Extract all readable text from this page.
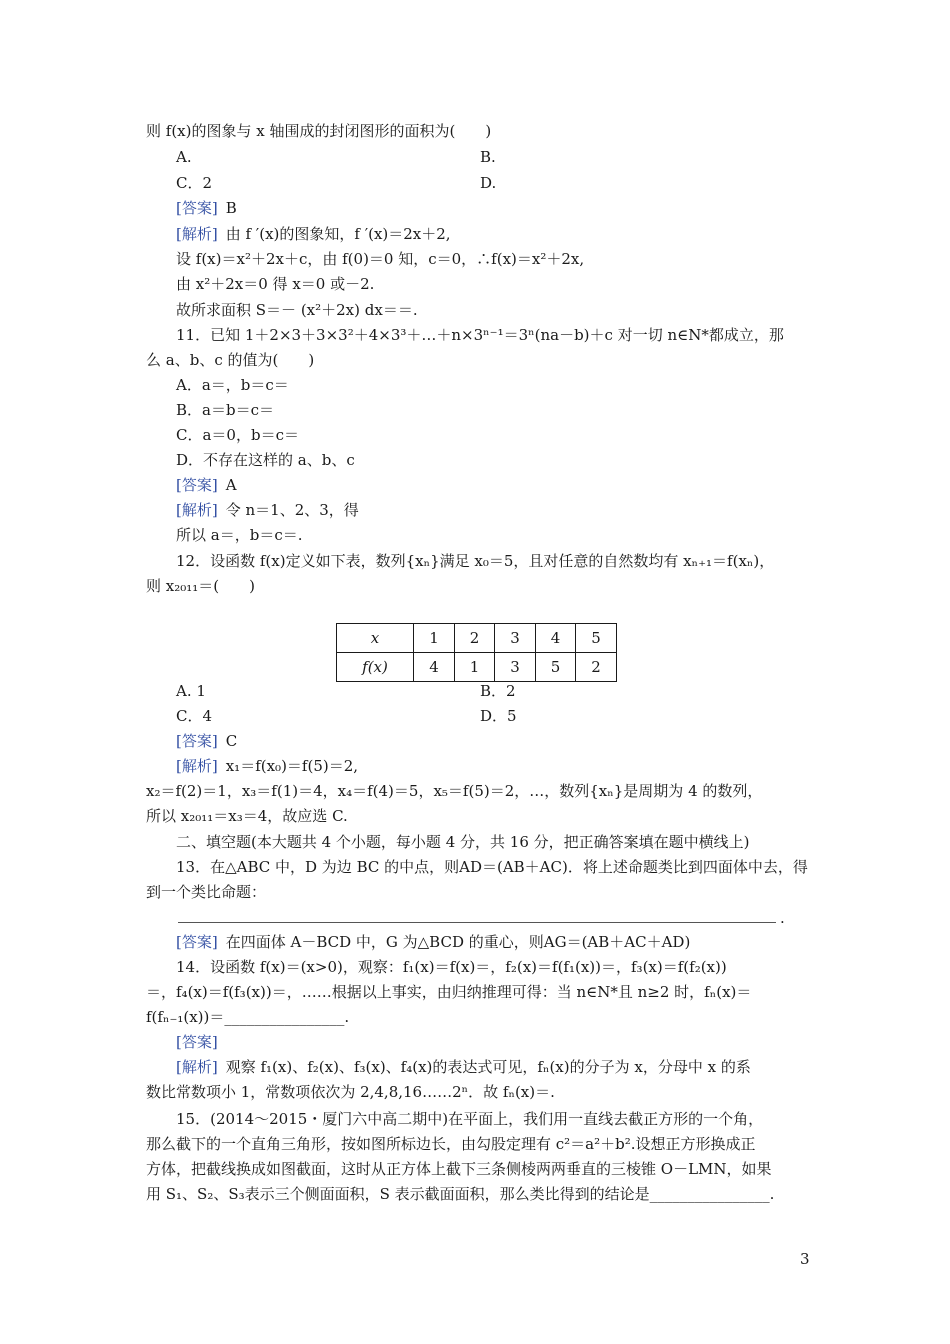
则 f(x)的图象与 x 轴围成的封闭图形的面积为(　　)
A.	B.
C．2	D.
[答案] B
[解析] 由 f ′(x)的图象知，f ′(x)＝2x＋2,
设 f(x)＝x²＋2x＋c，由 f(0)＝0 知，c＝0，∴f(x)＝x²＋2x,
由 x²＋2x＝0 得 x＝0 或－2.
故所求面积 S＝－ (x²＋2x) dx＝＝.
11．已知 1＋2×3＋3×3²＋4×3³＋…＋n×3ⁿ⁻¹＝3ⁿ(na－b)＋c 对一切 n∈N*都成立，那
么 a、b、c 的值为(　　)
A．a＝，b＝c＝
B．a＝b＝c＝
C．a＝0，b＝c＝
D．不存在这样的 a、b、c
[答案] A
[解析] 令 n＝1、2、3，得
所以 a＝，b＝c＝.
12．设函数 f(x)定义如下表，数列{xₙ}满足 x₀＝5，且对任意的自然数均有 xₙ₊₁＝f(xₙ)，
则 x₂₀₁₁＝(　　)
x	1	2	3	4	5
f(x)	4	1	3	5	2
A. 1	B．2
C．4	D．5
[答案] C
[解析] x₁＝f(x₀)＝f(5)＝2,
x₂＝f(2)＝1，x₃＝f(1)＝4，x₄＝f(4)＝5，x₅＝f(5)＝2，…，数列{xₙ}是周期为 4 的数列，
所以 x₂₀₁₁＝x₃＝4，故应选 C.
二、填空题(本大题共 4 个小题，每小题 4 分，共 16 分，把正确答案填在题中横线上)
13．在△ABC 中，D 为边 BC 的中点，则AD＝(AB＋AC)．将上述命题类比到四面体中去，得
到一个类比命题：
.
[答案] 在四面体 A－BCD 中，G 为△BCD 的重心，则AG＝(AB＋AC＋AD)
14．设函数 f(x)＝(x>0)，观察：f₁(x)＝f(x)＝，f₂(x)＝f(f₁(x))＝，f₃(x)＝f(f₂(x))
＝，f₄(x)＝f(f₃(x))＝，……根据以上事实，由归纳推理可得：当 n∈N*且 n≥2 时，fₙ(x)＝
f(fₙ₋₁(x))＝________________.
[答案]
[解析] 观察 f₁(x)、f₂(x)、f₃(x)、f₄(x)的表达式可见，fₙ(x)的分子为 x，分母中 x 的系
数比常数项小 1，常数项依次为 2,4,8,16……2ⁿ．故 fₙ(x)＝.
15．(2014～2015・厦门六中高二期中)在平面上，我们用一直线去截正方形的一个角，
那么截下的一个直角三角形，按如图所标边长，由勾股定理有 c²＝a²＋b².设想正方形换成正
方体，把截线换成如图截面，这时从正方体上截下三条侧棱两两垂直的三棱锥 O－LMN，如果
用 S₁、S₂、S₃表示三个侧面面积，S 表示截面面积，那么类比得到的结论是________________.
3
